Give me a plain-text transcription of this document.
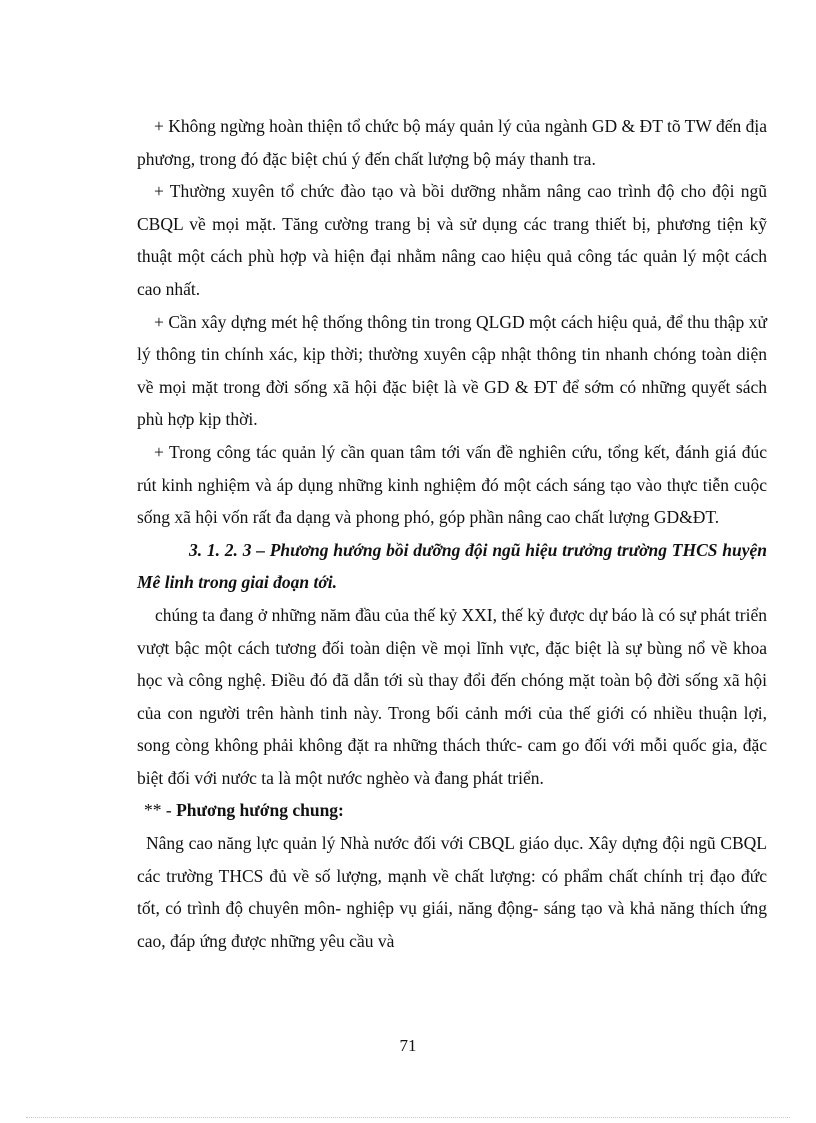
+ Không ngừng hoàn thiện tổ chức bộ máy quản lý của ngành GD & ĐT tõ TW đến địa phương, trong đó đặc biệt chú ý đến chất lượng bộ máy thanh tra.

+ Thường xuyên tổ chức đào tạo và bồi dưỡng nhằm nâng cao trình độ cho đội ngũ CBQL về mọi mặt. Tăng cường trang bị và sử dụng các trang thiết bị, phương tiện kỹ thuật một cách phù hợp và hiện đại nhằm nâng cao hiệu quả công tác quản lý một cách cao nhất.

+ Cần xây dựng mét hệ thống thông tin trong QLGD một cách hiệu quả, để thu thập xử lý thông tin chính xác, kịp thời; thường xuyên cập nhật thông tin nhanh chóng toàn diện về mọi mặt trong đời sống xã hội đặc biệt là về GD & ĐT để sớm có những quyết sách phù hợp kịp thời.

+ Trong công tác quản lý cần quan tâm tới vấn đề nghiên cứu, tổng kết, đánh giá đúc rút kinh nghiệm và áp dụng những kinh nghiệm đó một cách sáng tạo vào thực tiễn cuộc sống xã hội vốn rất đa dạng và phong phó, góp phần nâng cao chất lượng GD&ĐT.

3. 1. 2. 3 – Phương hướng bồi dưỡng đội ngũ hiệu trưởng trường THCS huyện Mê linh trong giai đoạn tới.

chúng ta đang ở những năm đầu của thế kỷ XXI, thế kỷ được dự báo là có sự phát triển vượt bậc một cách tương đối toàn diện về mọi lĩnh vực, đặc biệt là sự bùng nổ về khoa học và công nghệ. Điều đó đã dẫn tới sù thay đổi đến chóng mặt toàn bộ đời sống xã hội của con người trên hành tinh này. Trong bối cảnh mới của thế giới có nhiều thuận lợi, song còng không phải không đặt ra những thách thức- cam go đối với mỗi quốc gia, đặc biệt đối với nước ta là một nước nghèo và đang phát triển.

** - Phương hướng chung:

Nâng cao năng lực quản lý Nhà nước đối với CBQL giáo dục. Xây dựng đội ngũ CBQL các trường THCS đủ về số lượng, mạnh về chất lượng: có phẩm chất chính trị đạo đức tốt, có trình độ chuyên môn- nghiệp vụ giái, năng động- sáng tạo và khả năng thích ứng cao, đáp ứng được những yêu cầu và

71
